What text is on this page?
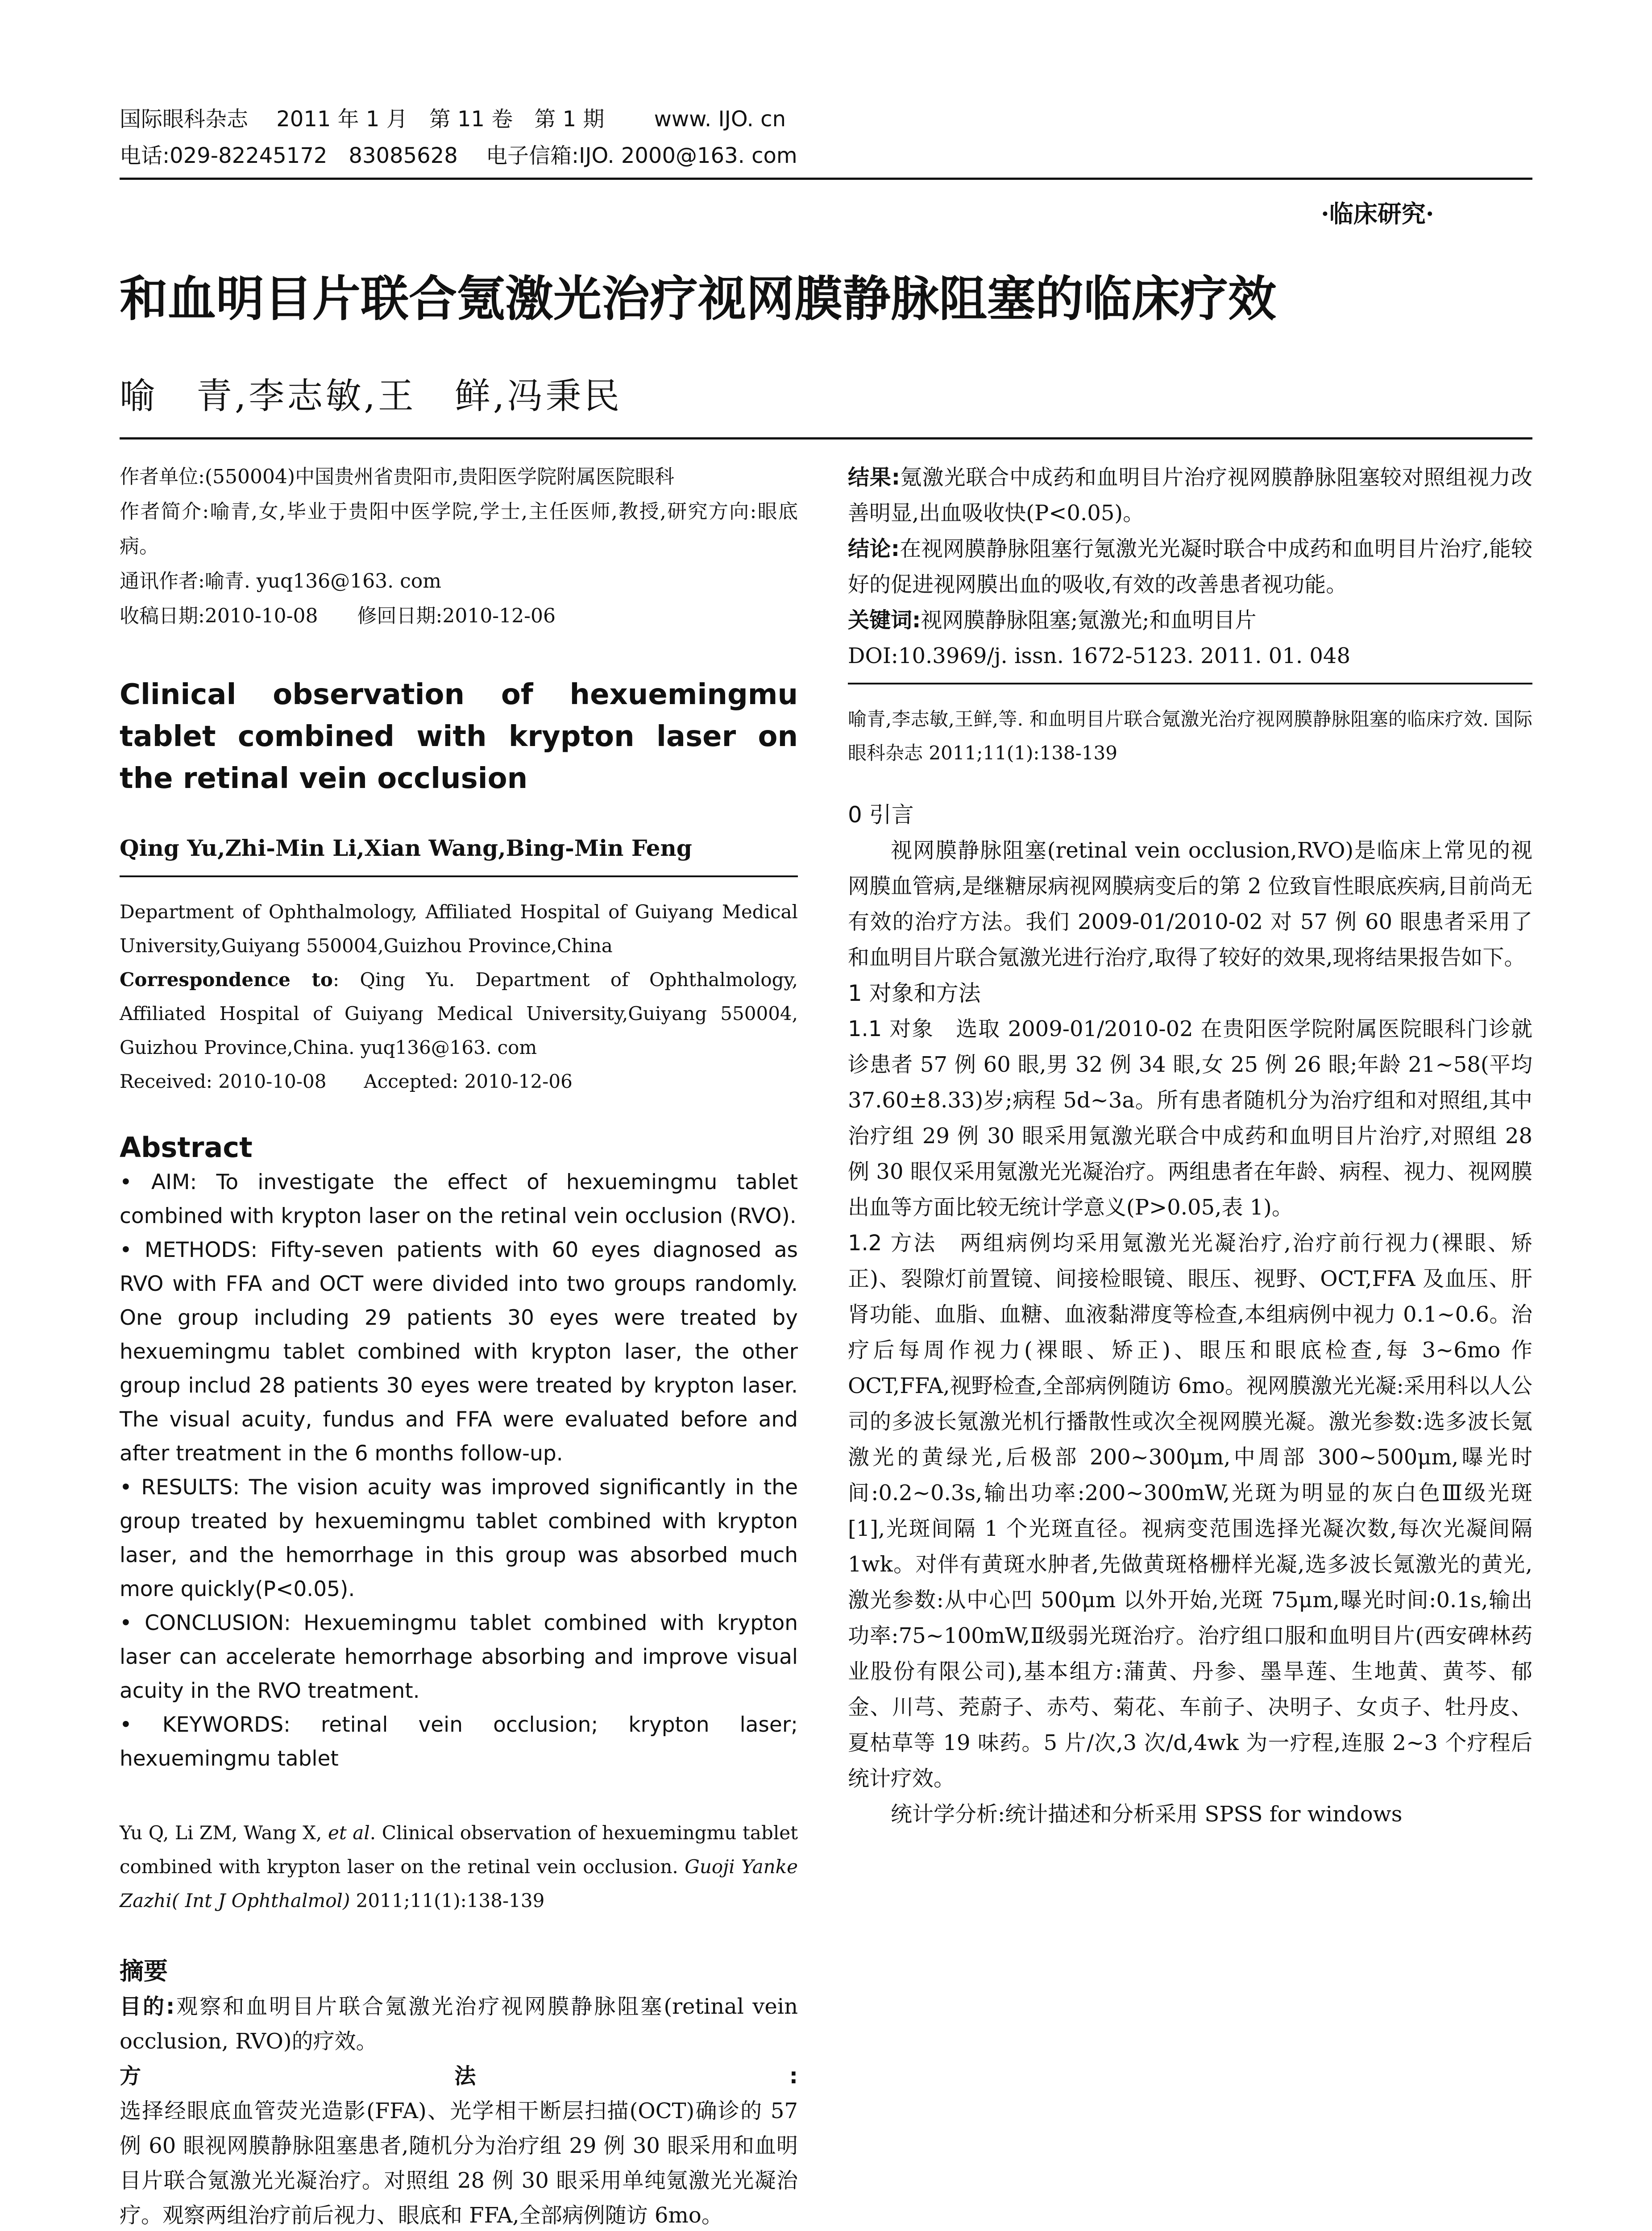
国际眼科杂志　 2011 年 1 月　第 11 卷　第 1 期　　 www. IJO. cn
电话:029-82245172　83085628　 电子信箱:IJO. 2000@163. com
·临床研究·
和血明目片联合氪激光治疗视网膜静脉阻塞的临床疗效
喻　青,李志敏,王　鲜,冯秉民

作者单位:(550004)中国贵州省贵阳市,贵阳医学院附属医院眼科

作者简介:喻青,女,毕业于贵阳中医学院,学士,主任医师,教授,研究方向:眼底病。

通讯作者:喻青. yuq136@163. com

收稿日期:2010-10-08　　修回日期:2010-12-06

Clinical observation of hexuemingmu tablet combined with krypton laser on the retinal vein occlusion

Qing Yu,Zhi-Min Li,Xian Wang,Bing-Min Feng

Department of Ophthalmology, Affiliated Hospital of Guiyang Medical University,Guiyang 550004,Guizhou Province,China

Correspondence to: Qing Yu. Department of Ophthalmology, Affiliated Hospital of Guiyang Medical University,Guiyang 550004, Guizhou Province,China. yuq136@163. com

Received: 2010-10-08　　Accepted: 2010-12-06

Abstract

• AIM: To investigate the effect of hexuemingmu tablet combined with krypton laser on the retinal vein occlusion (RVO).

• METHODS: Fifty-seven patients with 60 eyes diagnosed as RVO with FFA and OCT were divided into two groups randomly. One group including 29 patients 30 eyes were treated by hexuemingmu tablet combined with krypton laser, the other group includ 28 patients 30 eyes were treated by krypton laser. The visual acuity, fundus and FFA were evaluated before and after treatment in the 6 months follow-up.

• RESULTS: The vision acuity was improved significantly in the group treated by hexuemingmu tablet combined with krypton laser, and the hemorrhage in this group was absorbed much more quickly(P<0.05).

• CONCLUSION: Hexuemingmu tablet combined with krypton laser can accelerate hemorrhage absorbing and improve visual acuity in the RVO treatment.

• KEYWORDS: retinal vein occlusion; krypton laser; hexuemingmu tablet

Yu Q, Li ZM, Wang X, et al. Clinical observation of hexuemingmu tablet combined with krypton laser on the retinal vein occlusion. Guoji Yanke Zazhi( Int J Ophthalmol) 2011;11(1):138-139

摘要

目的:观察和血明目片联合氪激光治疗视网膜静脉阻塞(retinal vein occlusion, RVO)的疗效。

方法:选择经眼底血管荧光造影(FFA)、光学相干断层扫描(OCT)确诊的 57 例 60 眼视网膜静脉阻塞患者,随机分为治疗组 29 例 30 眼采用和血明目片联合氪激光光凝治疗。对照组 28 例 30 眼采用单纯氪激光光凝治疗。观察两组治疗前后视力、眼底和 FFA,全部病例随访 6mo。

结果:氪激光联合中成药和血明目片治疗视网膜静脉阻塞较对照组视力改善明显,出血吸收快(P<0.05)。

结论:在视网膜静脉阻塞行氪激光光凝时联合中成药和血明目片治疗,能较好的促进视网膜出血的吸收,有效的改善患者视功能。

关键词:视网膜静脉阻塞;氪激光;和血明目片

DOI:10.3969/j. issn. 1672-5123. 2011. 01. 048

喻青,李志敏,王鲜,等. 和血明目片联合氪激光治疗视网膜静脉阻塞的临床疗效. 国际眼科杂志 2011;11(1):138-139

0 引言

视网膜静脉阻塞(retinal vein occlusion,RVO)是临床上常见的视网膜血管病,是继糖尿病视网膜病变后的第 2 位致盲性眼底疾病,目前尚无有效的治疗方法。我们 2009-01/2010-02 对 57 例 60 眼患者采用了和血明目片联合氪激光进行治疗,取得了较好的效果,现将结果报告如下。

1 对象和方法

1.1 对象　选取 2009-01/2010-02 在贵阳医学院附属医院眼科门诊就诊患者 57 例 60 眼,男 32 例 34 眼,女 25 例 26 眼;年龄 21~58(平均 37.60±8.33)岁;病程 5d~3a。所有患者随机分为治疗组和对照组,其中治疗组 29 例 30 眼采用氪激光联合中成药和血明目片治疗,对照组 28 例 30 眼仅采用氪激光光凝治疗。两组患者在年龄、病程、视力、视网膜出血等方面比较无统计学意义(P>0.05,表 1)。

1.2 方法　两组病例均采用氪激光光凝治疗,治疗前行视力(裸眼、矫正)、裂隙灯前置镜、间接检眼镜、眼压、视野、OCT,FFA 及血压、肝肾功能、血脂、血糖、血液黏滞度等检查,本组病例中视力 0.1~0.6。治疗后每周作视力(裸眼、矫正)、眼压和眼底检查,每 3~6mo 作 OCT,FFA,视野检查,全部病例随访 6mo。视网膜激光光凝:采用科以人公司的多波长氪激光机行播散性或次全视网膜光凝。激光参数:选多波长氪激光的黄绿光,后极部 200~300μm,中周部 300~500μm,曝光时间:0.2~0.3s,输出功率:200~300mW,光斑为明显的灰白色Ⅲ级光斑[1],光斑间隔 1 个光斑直径。视病变范围选择光凝次数,每次光凝间隔 1wk。对伴有黄斑水肿者,先做黄斑格栅样光凝,选多波长氪激光的黄光,激光参数:从中心凹 500μm 以外开始,光斑 75μm,曝光时间:0.1s,输出功率:75~100mW,Ⅱ级弱光斑治疗。治疗组口服和血明目片(西安碑林药业股份有限公司),基本组方:蒲黄、丹参、墨旱莲、生地黄、黄芩、郁金、川芎、茺蔚子、赤芍、菊花、车前子、决明子、女贞子、牡丹皮、夏枯草等 19 味药。5 片/次,3 次/d,4wk 为一疗程,连服 2~3 个疗程后统计疗效。

统计学分析:统计描述和分析采用 SPSS for windows
